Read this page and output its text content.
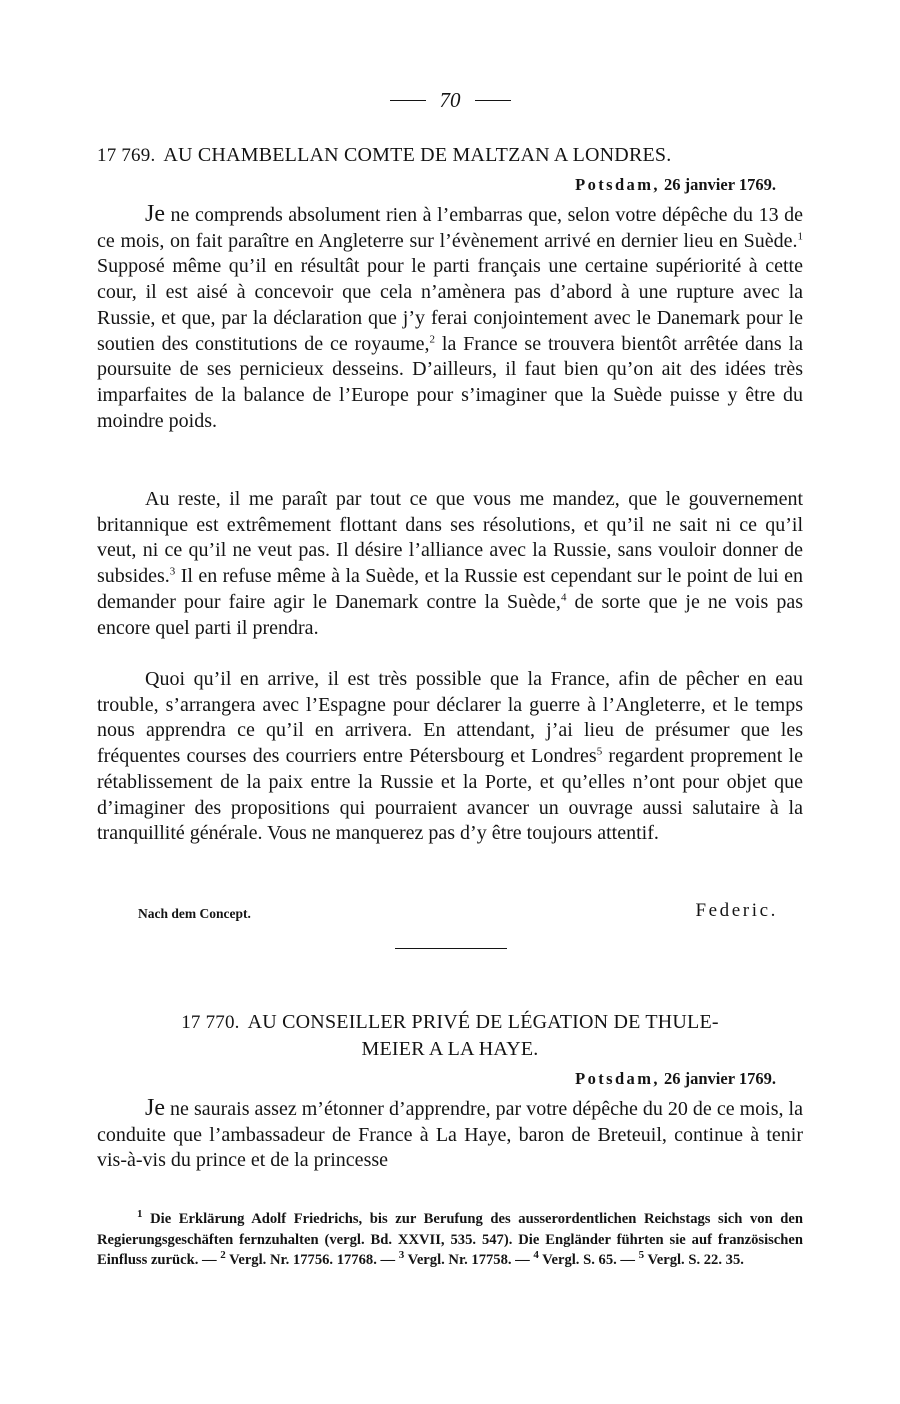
70
17 769. AU CHAMBELLAN COMTE DE MALTZAN A LONDRES.
Potsdam, 26 janvier 1769.

Je ne comprends absolument rien à l’embarras que, selon votre dépêche du 13 de ce mois, on fait paraître en Angleterre sur l’évènement arrivé en dernier lieu en Suède.$^1$ Supposé même qu’il en résultât pour le parti français une certaine supériorité à cette cour, il est aisé à concevoir que cela n’amènera pas d’abord à une rupture avec la Russie, et que, par la déclaration que j’y ferai conjointement avec le Danemark pour le soutien des constitutions de ce royaume,$^2$ la France se trouvera bientôt arrêtée dans la poursuite de ses pernicieux desseins. D’ailleurs, il faut bien qu’on ait des idées très imparfaites de la balance de l’Europe pour s’imaginer que la Suède puisse y être du moindre poids.

Au reste, il me paraît par tout ce que vous me mandez, que le gouvernement britannique est extrêmement flottant dans ses résolutions, et qu’il ne sait ni ce qu’il veut, ni ce qu’il ne veut pas. Il désire l’alliance avec la Russie, sans vouloir donner de subsides.$^3$ Il en refuse même à la Suède, et la Russie est cependant sur le point de lui en demander pour faire agir le Danemark contre la Suède,$^4$ de sorte que je ne vois pas encore quel parti il prendra.

Quoi qu’il en arrive, il est très possible que la France, afin de pêcher en eau trouble, s’arrangera avec l’Espagne pour déclarer la guerre à l’Angleterre, et le temps nous apprendra ce qu’il en arrivera. En attendant, j’ai lieu de présumer que les fréquentes courses des courriers entre Pétersbourg et Londres$^5$ regardent proprement le rétablissement de la paix entre la Russie et la Porte, et qu’elles n’ont pour objet que d’imaginer des propositions qui pourraient avancer un ouvrage aussi salutaire à la tranquillité générale. Vous ne manquerez pas d’y être toujours attentif.

Nach dem Concept.	Federic.
17 770. AU CONSEILLER PRIVÉ DE LÉGATION DE THULE-
MEIER A LA HAYE.
Potsdam, 26 janvier 1769.

Je ne saurais assez m’étonner d’apprendre, par votre dépêche du 20 de ce mois, la conduite que l’ambassadeur de France à La Haye, baron de Breteuil, continue à tenir vis-à-vis du prince et de la princesse

$^1$ Die Erklärung Adolf Friedrichs, bis zur Berufung des ausserordentlichen Reichstags sich von den Regierungsgeschäften fernzuhalten (vergl. Bd. XXVII, 535. 547). Die Engländer führten sie auf französischen Einfluss zurück. — $^2$ Vergl. Nr. 17756. 17768. — $^3$ Vergl. Nr. 17758. — $^4$ Vergl. S. 65. — $^5$ Vergl. S. 22. 35.
